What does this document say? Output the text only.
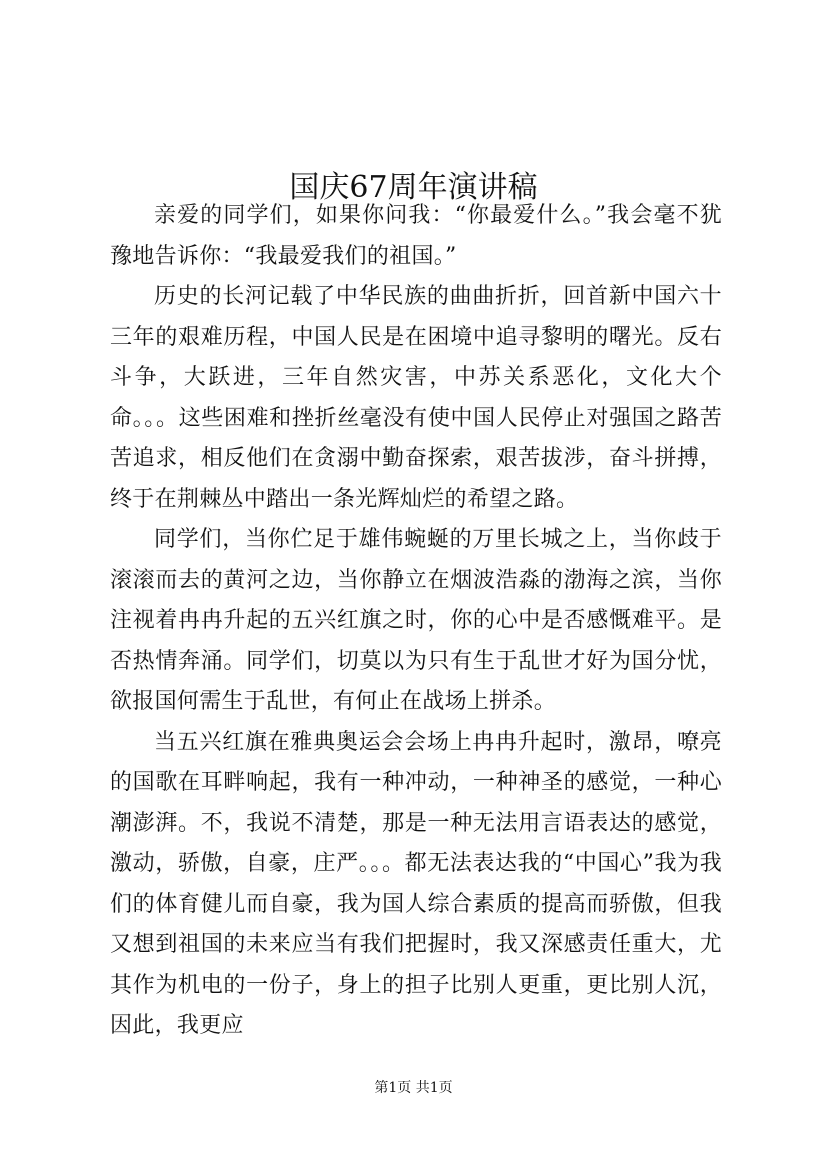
国庆67周年演讲稿

亲爱的同学们，如果你问我：“你最爱什么。”我会毫不犹豫地告诉你：“我最爱我们的祖国。”

历史的长河记载了中华民族的曲曲折折，回首新中国六十三年的艰难历程，中国人民是在困境中追寻黎明的曙光。反右斗争，大跃进，三年自然灾害，中苏关系恶化，文化大个命。。。这些困难和挫折丝毫没有使中国人民停止对强国之路苦苦追求，相反他们在贪溺中勤奋探索，艰苦拔涉，奋斗拼搏，终于在荆棘丛中踏出一条光辉灿烂的希望之路。

同学们，当你伫足于雄伟蜿蜒的万里长城之上，当你歧于滚滚而去的黄河之边，当你静立在烟波浩淼的渤海之滨，当你注视着冉冉升起的五兴红旗之时，你的心中是否感慨难平。是否热情奔涌。同学们，切莫以为只有生于乱世才好为国分忧，欲报国何需生于乱世，有何止在战场上拼杀。

当五兴红旗在雅典奥运会会场上冉冉升起时，激昂，嘹亮的国歌在耳畔响起，我有一种冲动，一种神圣的感觉，一种心潮澎湃。不，我说不清楚，那是一种无法用言语表达的感觉，激动，骄傲，自豪，庄严。。。都无法表达我的“中国心”我为我们的体育健儿而自豪，我为国人综合素质的提高而骄傲，但我又想到祖国的未来应当有我们把握时，我又深感责任重大，尤其作为机电的一份子，身上的担子比别人更重，更比别人沉，因此，我更应

第1页 共1页
